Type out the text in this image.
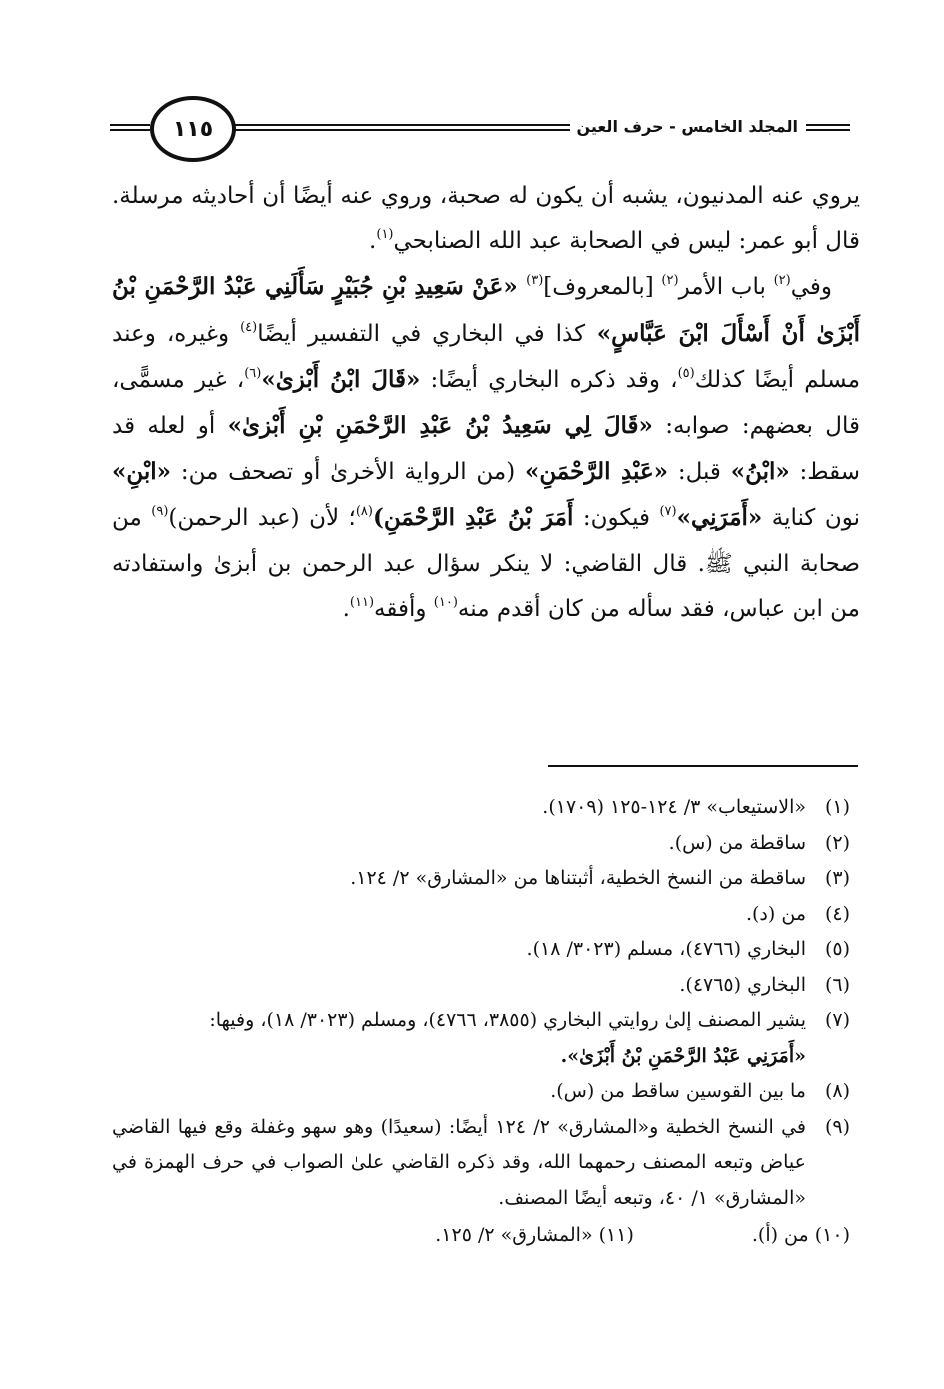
المجلد الخامس - حرف العين
١١٥

يروي عنه المدنيون، يشبه أن يكون له صحبة، وروي عنه أيضًا أن أحاديثه مرسلة. قال أبو عمر: ليس في الصحابة عبد الله الصنابحي$^{(١)}$.

وفي$^{(٢)}$ باب الأمر$^{(٢)}$ [بالمعروف]$^{(٣)}$ «عَنْ سَعِيدِ بْنِ جُبَيْرٍ سَأَلَنِي عَبْدُ الرَّحْمَنِ بْنُ أَبْزَىٰ أَنْ أَسْأَلَ ابْنَ عَبَّاسٍ» كذا في البخاري في التفسير أيضًا$^{(٤)}$ وغيره، وعند مسلم أيضًا كذلك$^{(٥)}$، وقد ذكره البخاري أيضًا: «قَالَ ابْنُ أَبْزىٰ»$^{(٦)}$، غير مسمًّى، قال بعضهم: صوابه: «قَالَ لِي سَعِيدُ بْنُ عَبْدِ الرَّحْمَنِ بْنِ أَبْزىٰ» أو لعله قد سقط: «ابْنُ» قبل: «عَبْدِ الرَّحْمَنِ» (من الرواية الأخرىٰ أو تصحف من: «ابْنِ» نون كناية «أَمَرَنِي»$^{(٧)}$ فيكون: أَمَرَ بْنُ عَبْدِ الرَّحْمَنِ)$^{(٨)}$؛ لأن (عبد الرحمن)$^{(٩)}$ من صحابة النبي ﷺ. قال القاضي: لا ينكر سؤال عبد الرحمن بن أبزىٰ واستفادته من ابن عباس، فقد سأله من كان أقدم منه$^{(١٠)}$ وأفقه$^{(١١)}$.

(١)
«الاستيعاب» ٣/ ١٢٤-١٢٥ (١٧٠٩).
(٢)
ساقطة من (س).
(٣)
ساقطة من النسخ الخطية، أثبتناها من «المشارق» ٢/ ١٢٤.
(٤)
من (د).
(٥)
البخاري (٤٧٦٦)، مسلم (٣٠٢٣/ ١٨).
(٦)
البخاري (٤٧٦٥).
(٧)
يشير المصنف إلىٰ روايتي البخاري (٣٨٥٥، ٤٧٦٦)، ومسلم (٣٠٢٣/ ١٨)، وفيها:
«أَمَرَنِي عَبْدُ الرَّحْمَنِ بْنُ أَبْزَىٰ».
(٨)
ما بين القوسين ساقط من (س).
(٩)
في النسخ الخطية و«المشارق» ٢/ ١٢٤ أيضًا: (سعيدًا) وهو سهو وغفلة وقع فيها القاضي عياض وتبعه المصنف رحمهما الله، وقد ذكره القاضي علىٰ الصواب في حرف الهمزة في «المشارق» ١/ ٤٠، وتبعه أيضًا المصنف.
(١٠) من (أ).
(١١) «المشارق» ٢/ ١٢٥.
